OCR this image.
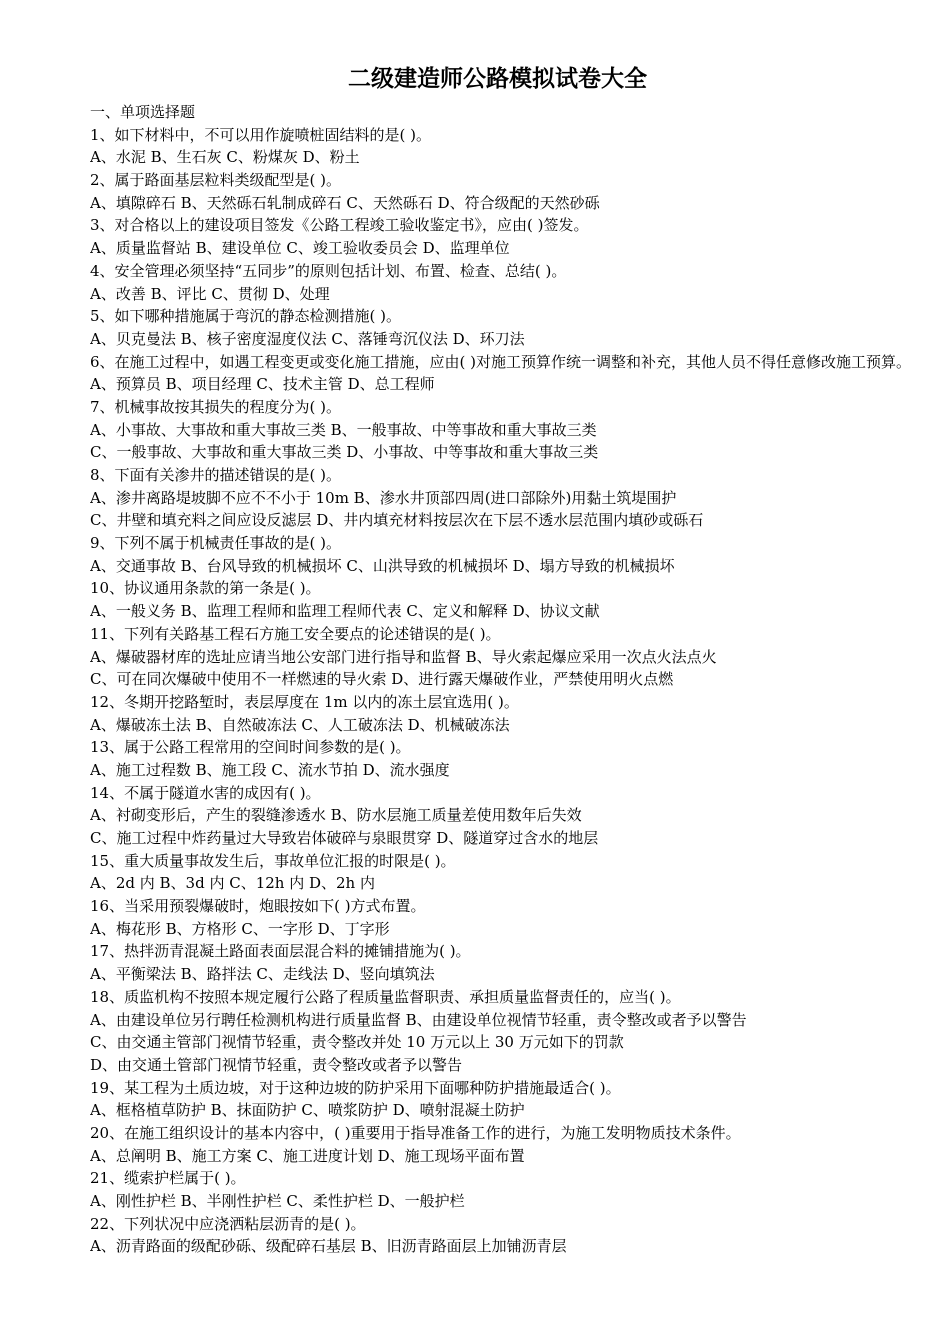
二级建造师公路模拟试卷大全
一、单项选择题
1、如下材料中，不可以用作旋喷桩固结料的是( )。
A、水泥 B、生石灰 C、粉煤灰 D、粉土
2、属于路面基层粒料类级配型是( )。
A、填隙碎石 B、天然砾石轧制成碎石 C、天然砾石 D、符合级配的天然砂砾
3、对合格以上的建设项目签发《公路工程竣工验收鉴定书》，应由( )签发。
A、质量监督站 B、建设单位 C、竣工验收委员会 D、监理单位
4、安全管理必须坚持“五同步”的原则包括计划、布置、检查、总结( )。
A、改善 B、评比 C、贯彻 D、处理
5、如下哪种措施属于弯沉的静态检测措施( )。
A、贝克曼法 B、核子密度湿度仪法 C、落锤弯沉仪法 D、环刀法
6、在施工过程中，如遇工程变更或变化施工措施，应由( )对施工预算作统一调整和补充，其他人员不得任意修改施工预算。
A、预算员 B、项目经理 C、技术主管 D、总工程师
7、机械事故按其损失的程度分为( )。
A、小事故、大事故和重大事故三类 B、一般事故、中等事故和重大事故三类
C、一般事故、大事故和重大事故三类 D、小事故、中等事故和重大事故三类
8、下面有关渗井的描述错误的是( )。
A、渗井离路堤坡脚不应不不小于 10m B、渗水井顶部四周(进口部除外)用黏土筑堤围护
C、井壁和填充料之间应设反滤层 D、井内填充材料按层次在下层不透水层范围内填砂或砾石
9、下列不属于机械责任事故的是( )。
A、交通事故 B、台风导致的机械损坏 C、山洪导致的机械损坏 D、塌方导致的机械损坏
10、协议通用条款的第一条是( )。
A、一般义务 B、监理工程师和监理工程师代表 C、定义和解释 D、协议文献
11、下列有关路基工程石方施工安全要点的论述错误的是( )。
A、爆破器材库的选址应请当地公安部门进行指导和监督 B、导火索起爆应采用一次点火法点火
C、可在同次爆破中使用不一样燃速的导火索 D、进行露天爆破作业，严禁使用明火点燃
12、冬期开挖路堑时，表层厚度在 1m 以内的冻土层宜选用( )。
A、爆破冻土法 B、自然破冻法 C、人工破冻法 D、机械破冻法
13、属于公路工程常用的空间时间参数的是( )。
A、施工过程数 B、施工段 C、流水节拍 D、流水强度
14、不属于隧道水害的成因有( )。
A、衬砌变形后，产生的裂缝渗透水 B、防水层施工质量差使用数年后失效
C、施工过程中炸药量过大导致岩体破碎与泉眼贯穿 D、隧道穿过含水的地层
15、重大质量事故发生后，事故单位汇报的时限是( )。
A、2d 内 B、3d 内 C、12h 内 D、2h 内
16、当采用预裂爆破时，炮眼按如下( )方式布置。
A、梅花形 B、方格形 C、一字形 D、丁字形
17、热拌沥青混凝土路面表面层混合料的摊铺措施为( )。
A、平衡梁法 B、路拌法 C、走线法 D、竖向填筑法
18、质监机构不按照本规定履行公路了程质量监督职责、承担质量监督责任的，应当( )。
A、由建设单位另行聘任检测机构进行质量监督 B、由建设单位视情节轻重，责令整改或者予以警告
C、由交通主管部门视情节轻重，责令整改并处 10 万元以上 30 万元如下的罚款
D、由交通土管部门视情节轻重，责令整改或者予以警告
19、某工程为土质边坡，对于这种边坡的防护采用下面哪种防护措施最适合( )。
A、框格植草防护 B、抹面防护 C、喷浆防护 D、喷射混凝土防护
20、在施工组织设计的基本内容中，( )重要用于指导准备工作的进行，为施工发明物质技术条件。
A、总阐明 B、施工方案 C、施工进度计划 D、施工现场平面布置
21、缆索护栏属于( )。
A、刚性护栏 B、半刚性护栏 C、柔性护栏 D、一般护栏
22、下列状况中应浇洒粘层沥青的是( )。
A、沥青路面的级配砂砾、级配碎石基层 B、旧沥青路面层上加铺沥青层
